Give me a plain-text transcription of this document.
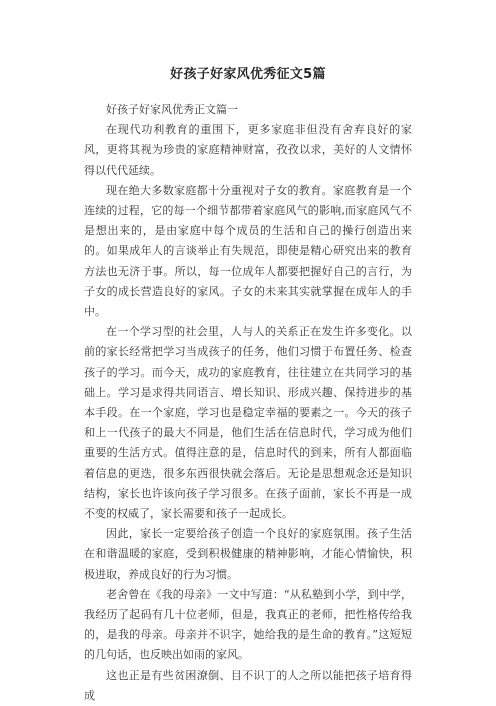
好孩子好家风优秀征文5篇
好孩子好家风优秀正文篇一

在现代功利教育的重围下，更多家庭非但没有舍弃良好的家风，更将其视为珍贵的家庭精神财富，孜孜以求，美好的人文情怀得以代代延续。

现在绝大多数家庭都十分重视对子女的教育。家庭教育是一个连续的过程，它的每一个细节都带着家庭风气的影响,而家庭风气不是想出来的，是由家庭中每个成员的生活和自己的操行创造出来的。如果成年人的言谈举止有失规范，即使是精心研究出来的教育方法也无济于事。所以，每一位成年人都要把握好自己的言行，为子女的成长营造良好的家风。子女的未来其实就掌握在成年人的手中。

在一个学习型的社会里，人与人的关系正在发生许多变化。以前的家长经常把学习当成孩子的任务，他们习惯于布置任务、检查孩子的学习。而今天，成功的家庭教育，往往建立在共同学习的基础上。学习是求得共同语言、增长知识、形成兴趣、保持进步的基本手段。在一个家庭，学习也是稳定幸福的要素之一。今天的孩子和上一代孩子的最大不同是，他们生活在信息时代，学习成为他们重要的生活方式。值得注意的是，信息时代的到来，所有人都面临着信息的更迭，很多东西很快就会落后。无论是思想观念还是知识结构，家长也许该向孩子学习很多。在孩子面前，家长不再是一成不变的权威了，家长需要和孩子一起成长。

因此，家长一定要给孩子创造一个良好的家庭氛围。孩子生活在和谐温暖的家庭，受到积极健康的精神影响，才能心情愉快，积极进取，养成良好的行为习惯。

老舍曾在《我的母亲》一文中写道：“从私塾到小学，到中学，我经历了起码有几十位老师，但是，我真正的老师，把性格传给我的，是我的母亲。母亲并不识字，她给我的是生命的教育。”这短短的几句话，也反映出如雨的家风。

这也正是有些贫困潦倒、目不识丁的人之所以能把孩子培育得成
